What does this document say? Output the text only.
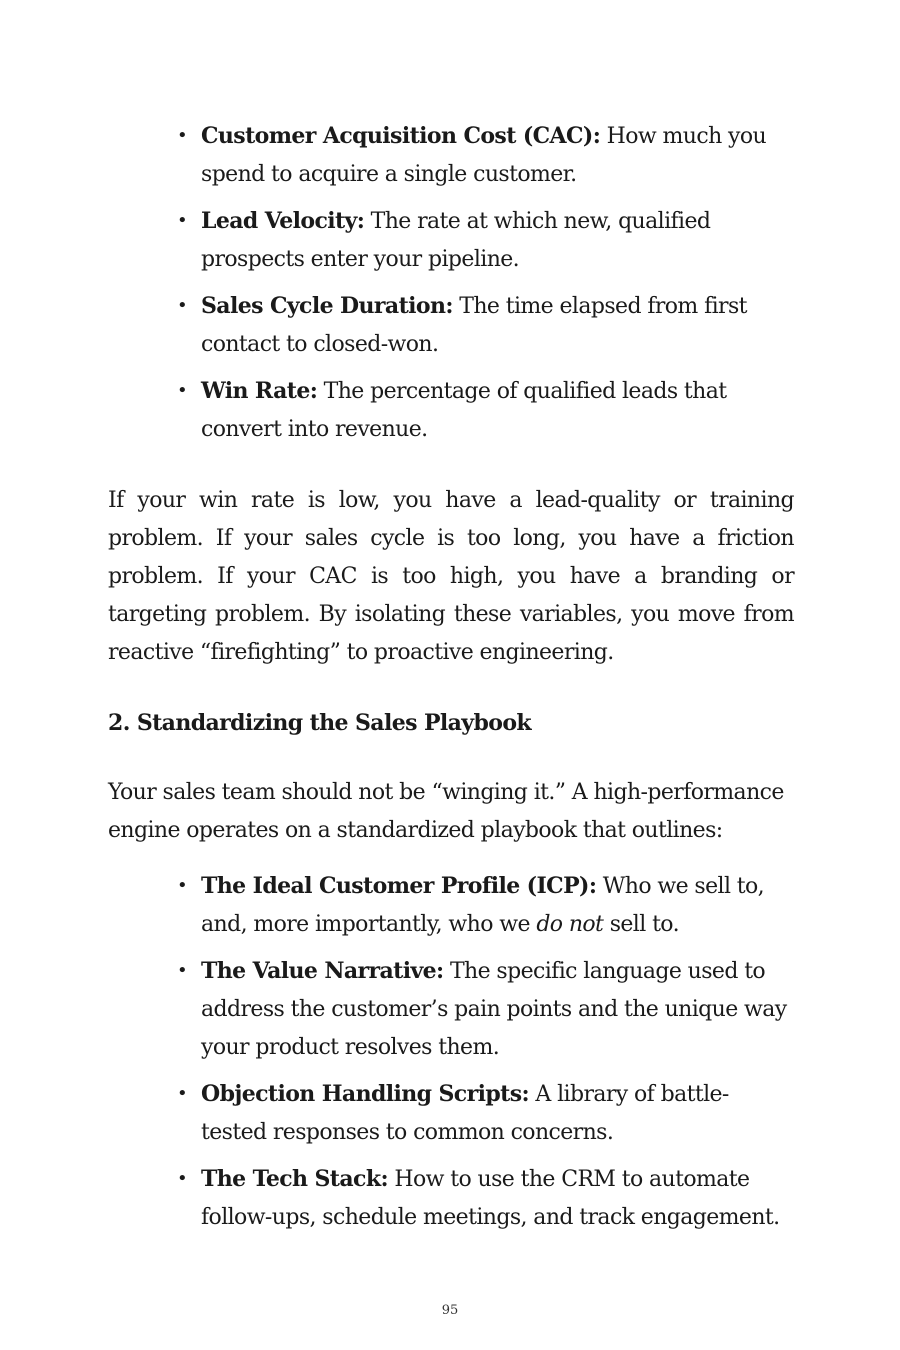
• Customer Acquisition Cost (CAC): How much you spend to acquire a single customer.
• Lead Velocity: The rate at which new, qualified prospects enter your pipeline.
• Sales Cycle Duration: The time elapsed from first contact to closed-won.
• Win Rate: The percentage of qualified leads that convert into revenue.

If your win rate is low, you have a lead-quality or training problem. If your sales cycle is too long, you have a friction problem. If your CAC is too high, you have a branding or targeting problem. By isolating these variables, you move from reactive “firefighting” to proactive engineering.

2. Standardizing the Sales Playbook

Your sales team should not be “winging it.” A high-performance engine operates on a standardized playbook that outlines:

• The Ideal Customer Profile (ICP): Who we sell to, and, more importantly, who we do not sell to.
• The Value Narrative: The specific language used to address the customer’s pain points and the unique way your product resolves them.
• Objection Handling Scripts: A library of battle-tested responses to common concerns.
• The Tech Stack: How to use the CRM to automate follow-ups, schedule meetings, and track engagement.
95
